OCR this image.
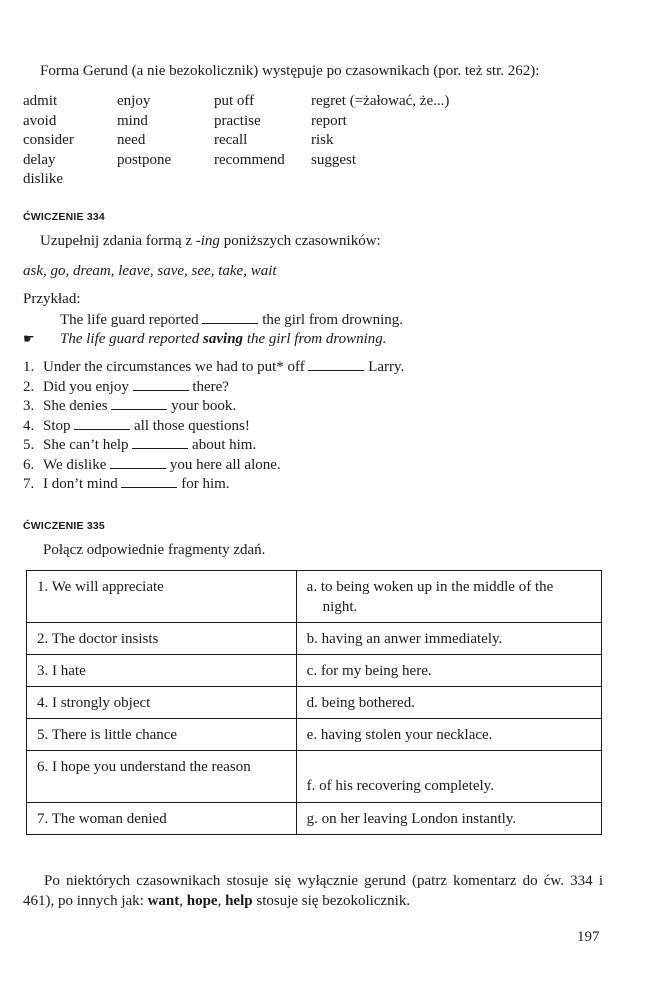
Forma Gerund (a nie bezokolicznik) występuje po czasownikach (por. też str. 262):
admit	enjoy	put off	regret (=żałować, że...)
avoid	mind	practise	report
consider	need	recall	risk
delay	postpone	recommend	suggest
dislike
ĆWICZENIE 334
Uzupełnij zdania formą z -ing poniższych czasowników:
ask, go, dream, leave, save, see, take, wait
Przykład:
The life guard reported	the girl from drowning.
☛ The life guard reported saving the girl from drowning.
1. Under the circumstances we had to put* off	Larry.
2. Did you enjoy	there?
3. She denies	your book.
4. Stop	all those questions!
5. She can’t help	about him.
6. We dislike	you here all alone.
7. I don’t mind	for him.
ĆWICZENIE 335
Połącz odpowiednie fragmenty zdań.
1. We will appreciate	a. to being woken up in the middle of the night.

2. The doctor insists	b. having an anwer immediately.
3. I hate	c. for my being here.
4. I strongly object	d. being bothered.
5. There is little chance	e. having stolen your necklace.

6. I hope you understand the reason	f. of his recovering completely.
7. The woman denied	g. on her leaving London instantly.
Po niektórych czasownikach stosuje się wyłącznie gerund (patrz komentarz do ćw. 334 i 461), po innych jak: want, hope, help stosuje się bezokolicznik.
197
